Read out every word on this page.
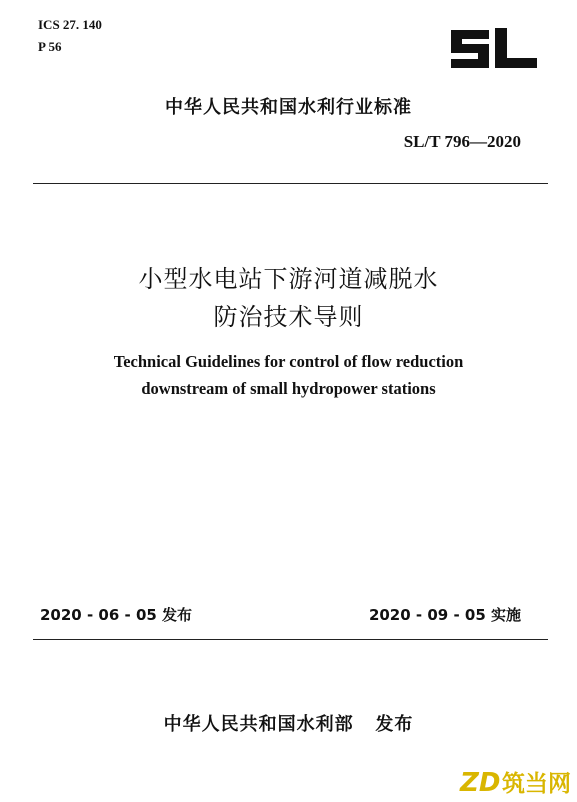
ICS 27. 140
P 56
中华人民共和国水利行业标准
SL/T 796—2020
小型水电站下游河道减脱水
防治技术导则
Technical Guidelines for control of flow reduction
downstream of small hydropower stations
2020 - 06 - 05 发布	2020 - 09 - 05 实施
中华人民共和国水利部   发布
ZD 筑当网
